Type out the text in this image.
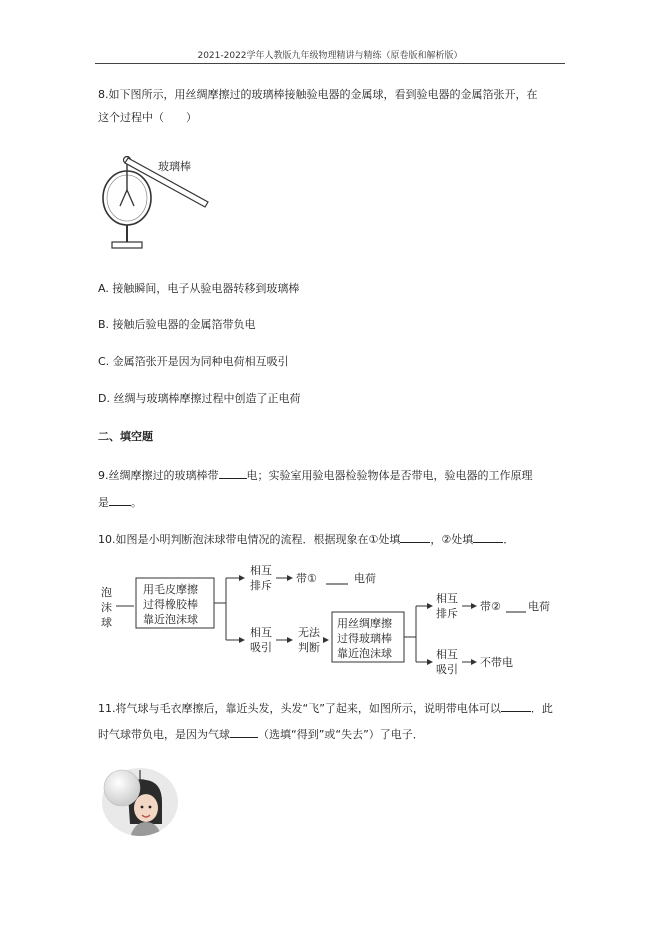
2021-2022学年人教版九年级物理精讲与精练（原卷版和解析版）
8.如下图所示，用丝绸摩擦过的玻璃棒接触验电器的金属球，看到验电器的金属箔张开，在
这个过程中（　　）
玻璃棒
A. 接触瞬间，电子从验电器转移到玻璃棒
B. 接触后验电器的金属箔带负电
C. 金属箔张开是因为同种电荷相互吸引
D. 丝绸与玻璃棒摩擦过程中创造了正电荷
二、填空题
9.丝绸摩擦过的玻璃棒带	电；实验室用验电器检验物体是否带电，验电器的工作原理
是 。
10.如图是小明判断泡沫球带电情况的流程．根据现象在①处填	，②处填	．
泡
沫
球
用毛皮摩擦
过得橡胶棒
靠近泡沫球
相互
排斥
相互
吸引
带①	电荷
无法
判断
用丝绸摩擦
过得玻璃棒
靠近泡沫球
相互
排斥
相互
吸引
带② 电荷
不带电
11.将气球与毛衣摩擦后，靠近头发，头发“飞”了起来，如图所示，说明带电体可以	．此
时气球带负电，是因为气球	（选填“得到”或“失去”）了电子．
